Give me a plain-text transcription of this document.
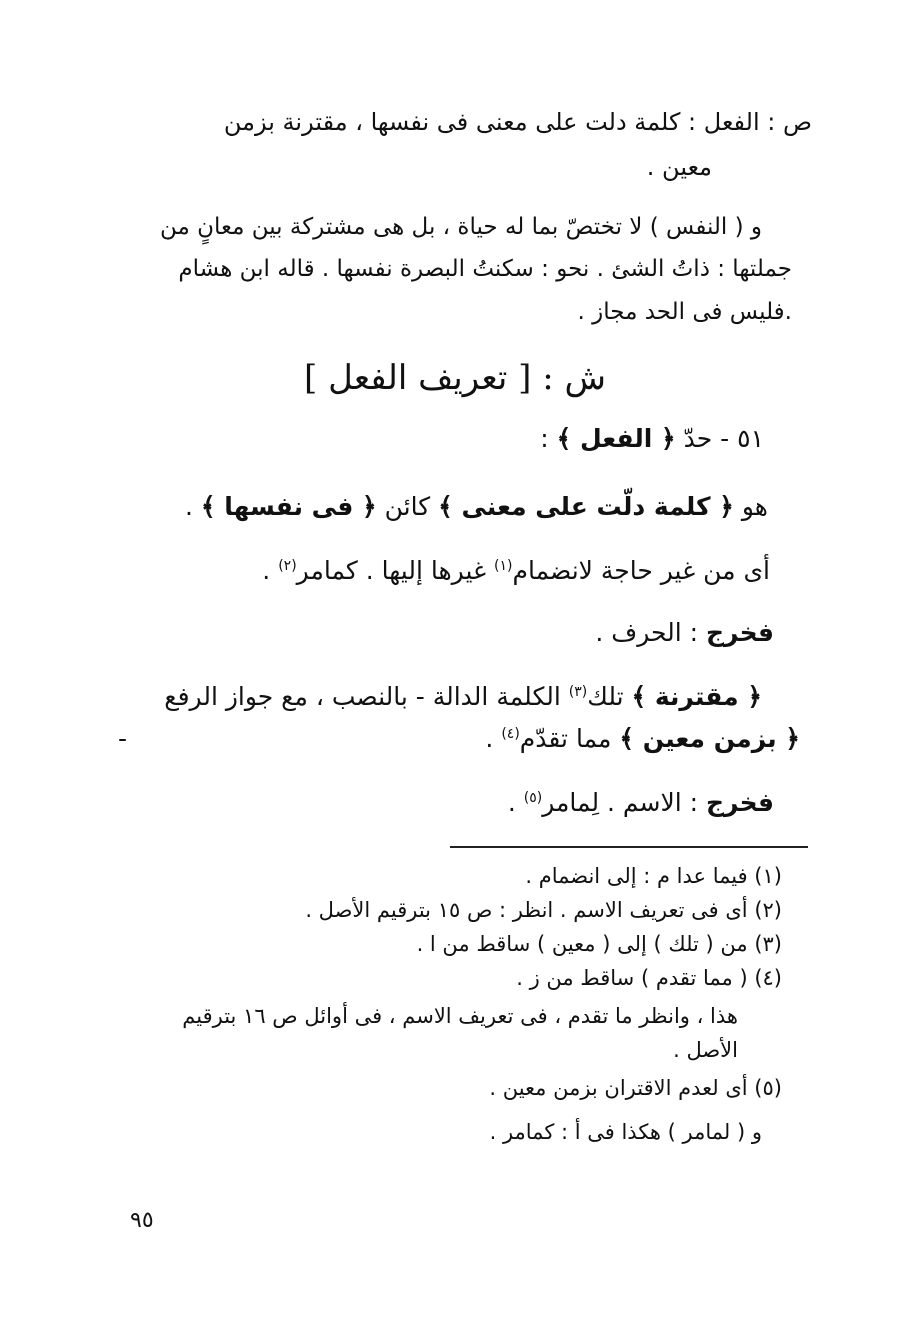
ص : الفعل : كلمة دلت على معنى فى نفسها ، مقترنة بزمن
معين .
و ( النفس ) لا تختصّ بما له حياة ، بل هى مشتركة بين معانٍ من
جملتها : ذاتُ الشئ . نحو : سكنتُ البصرة نفسها . قاله ابن هشام
.فليس فى الحد مجاز .
ش : [ تعريف الفعل ]
٥١ - حدّ ﴿ الفعل ﴾ :
هو ﴿ كلمة دلّت على معنى ﴾ كائن ﴿ فى نفسها ﴾ .
أى من غير حاجة لانضمام$^{(١)}$ غيرها إليها . كمامر$^{(٢)}$ .
فخرج : الحرف .
﴿ مقترنة ﴾ تلك$^{(٣)}$ الكلمة الدالة - بالنصب ، مع جواز الرفع
﴿ بزمن معين ﴾ مما تقدّم$^{(٤)}$ .
-
فخرج : الاسم . لِمامر$^{(٥)}$ .
(١) فيما عدا م : إلى انضمام .
(٢) أى فى تعريف الاسم . انظر : ص ١٥ بترقيم الأصل .
(٣) من ( تلك ) إلى ( معين ) ساقط من ا .
(٤) ( مما تقدم ) ساقط من ز .
هذا ، وانظر ما تقدم ، فى تعريف الاسم ، فى أوائل ص ١٦ بترقيم
الأصل .
(٥) أى لعدم الاقتران بزمن معين .
و ( لمامر ) هكذا فى أ : كمامر .
٩٥
